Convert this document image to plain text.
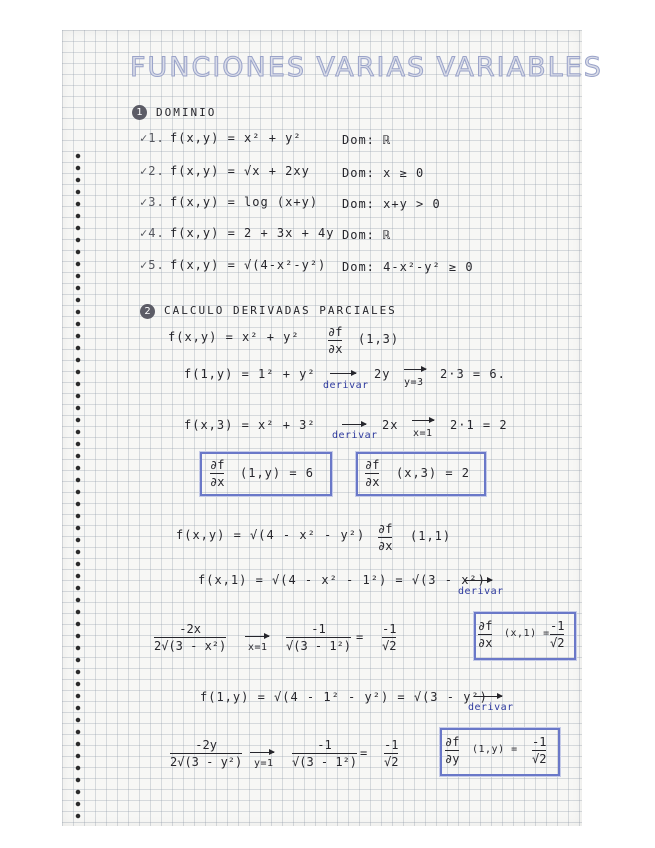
FUNCIONES VARIAS VARIABLES
1	DOMINIO
✓1. f(x,y) = x² + y²	Dom: ℝ
✓2. f(x,y) = √x + 2xy	Dom: x ≥ 0
✓3. f(x,y) = log (x+y) Dom: x+y > 0
✓4. f(x,y) = 2 + 3x + 4y Dom: ℝ
✓5. f(x,y) = √(4-x²-y²) Dom: 4-x²-y² ≥ 0
2	CALCULO DERIVADAS PARCIALES
f(x,y) = x² + y² ∂f
∂x
(1,3)
f(1,y) = 1² + y²
derivar
2y
y=3
2·3 = 6.
f(x,3) = x² + 3²
derivar
2x
x=1
2·1 = 2
∂f
∂x
(1,y) = 6
∂f
∂x
(x,3) = 2
f(x,y) = √(4 - x² - y²) ∂f
∂x
(1,1)
f(x,1) = √(4 - x² - 1²) = √(3 - x²)
derivar
-2x
2√(3 - x²) x=1
-1
√(3 - 1²)
=
-1
√2
∂f
∂x
(x,1) =
-1
√2
f(1,y) = √(4 - 1² - y²) = √(3 - y²)
derivar
-2y
2√(3 - y²) y=1
-1
√(3 - 1²)
=
-1
√2
∂f
∂y
(1,y) =
-1
√2
